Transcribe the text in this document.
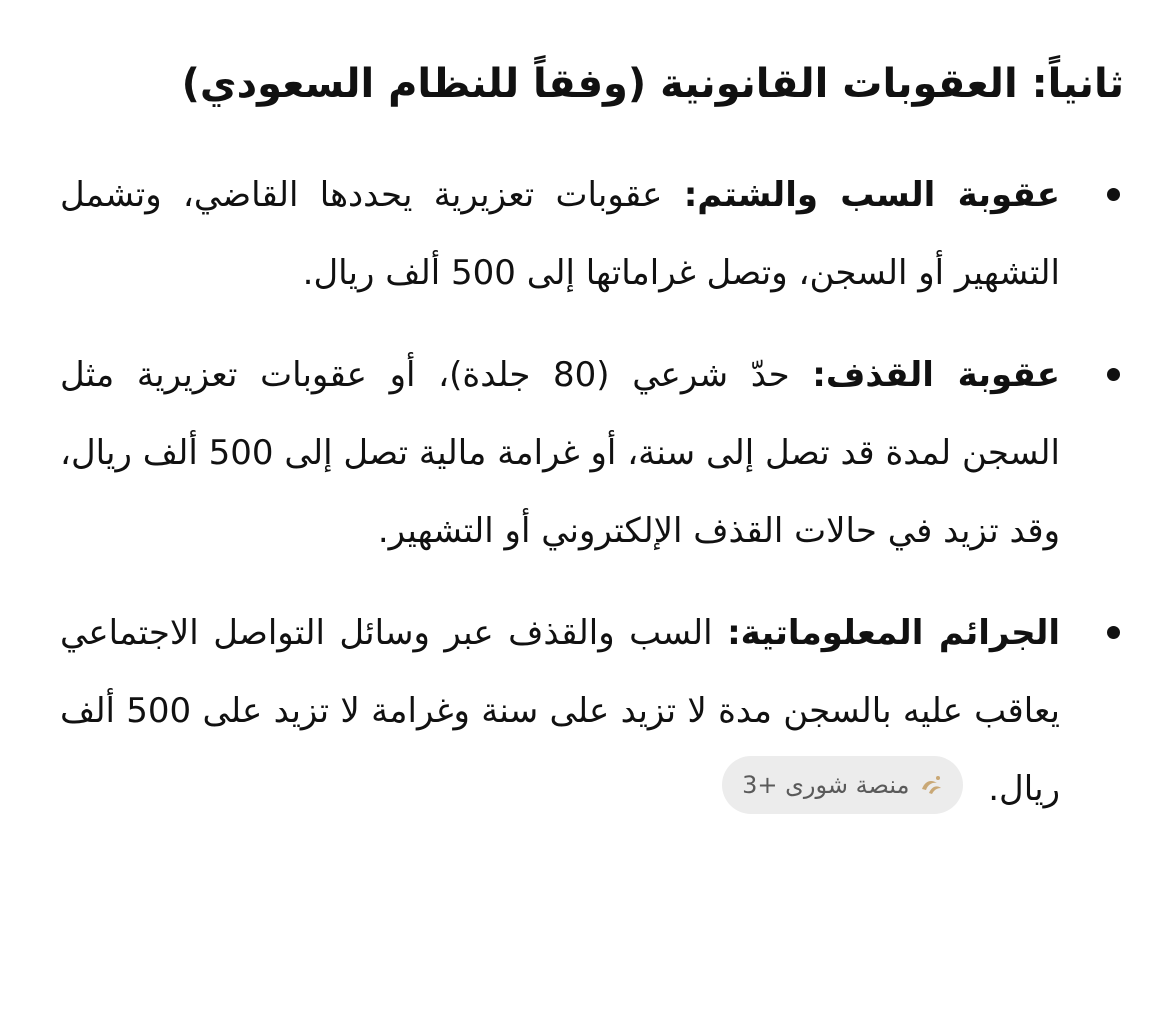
ثانياً: العقوبات القانونية (وفقاً للنظام السعودي)
عقوبة السب والشتم: عقوبات تعزيرية يحددها القاضي، وتشمل التشهير أو السجن، وتصل غراماتها إلى 500 ألف ريال.
عقوبة القذف: حدّ شرعي (80 جلدة)، أو عقوبات تعزيرية مثل السجن لمدة قد تصل إلى سنة، أو غرامة مالية تصل إلى 500 ألف ريال، وقد تزيد في حالات القذف الإلكتروني أو التشهير.
الجرائم المعلوماتية: السب والقذف عبر وسائل التواصل الاجتماعي يعاقب عليه بالسجن مدة لا تزيد على سنة وغرامة لا تزيد على 500 ألف ريال.
منصة شورى +3
